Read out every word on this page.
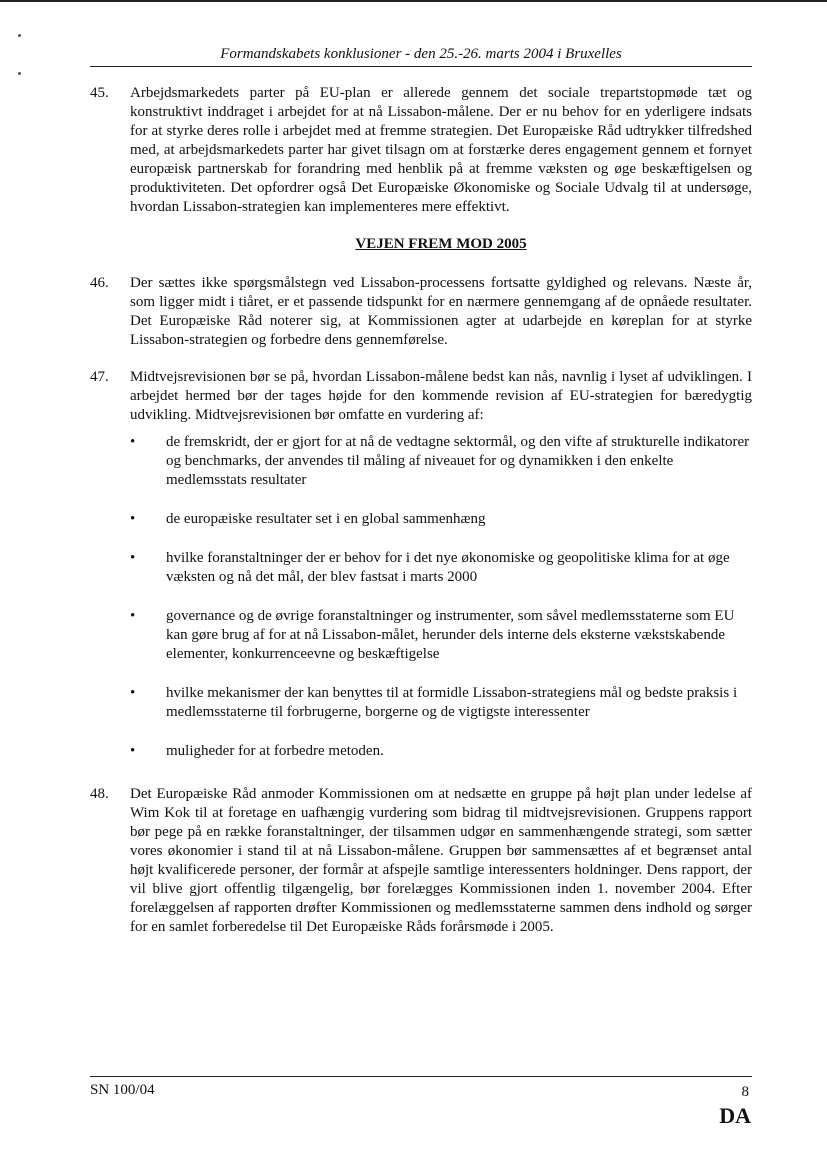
Formandskabets konklusioner - den 25.-26. marts 2004 i Bruxelles
45.	Arbejdsmarkedets parter på EU-plan er allerede gennem det sociale trepartstopmøde tæt og konstruktivt inddraget i arbejdet for at nå Lissabon-målene. Der er nu behov for en yderligere indsats for at styrke deres rolle i arbejdet med at fremme strategien. Det Europæiske Råd udtrykker tilfredshed med, at arbejdsmarkedets parter har givet tilsagn om at forstærke deres engagement gennem et fornyet europæisk partnerskab for forandring med henblik på at fremme væksten og øge beskæftigelsen og produktiviteten. Det opfordrer også Det Europæiske Økonomiske og Sociale Udvalg til at undersøge, hvordan Lissabon-strategien kan implementeres mere effektivt.
VEJEN FREM MOD 2005
46.	Der sættes ikke spørgsmålstegn ved Lissabon-processens fortsatte gyldighed og relevans. Næste år, som ligger midt i tiåret, er et passende tidspunkt for en nærmere gennemgang af de opnåede resultater. Det Europæiske Råd noterer sig, at Kommissionen agter at udarbejde en køreplan for at styrke Lissabon-strategien og forbedre dens gennemførelse.
47.	Midtvejsrevisionen bør se på, hvordan Lissabon-målene bedst kan nås, navnlig i lyset af udviklingen. I arbejdet hermed bør der tages højde for den kommende revision af EU-strategien for bæredygtig udvikling. Midtvejsrevisionen bør omfatte en vurdering af:
•	de fremskridt, der er gjort for at nå de vedtagne sektormål, og den vifte af strukturelle indikatorer og benchmarks, der anvendes til måling af niveauet for og dynamikken i den enkelte medlemsstats resultater
•	de europæiske resultater set i en global sammenhæng
•	hvilke foranstaltninger der er behov for i det nye økonomiske og geopolitiske klima for at øge væksten og nå det mål, der blev fastsat i marts 2000
•	governance og de øvrige foranstaltninger og instrumenter, som såvel medlemsstaterne som EU kan gøre brug af for at nå Lissabon-målet, herunder dels interne dels eksterne vækstskabende elementer, konkurrenceevne og beskæftigelse
•	hvilke mekanismer der kan benyttes til at formidle Lissabon-strategiens mål og bedste praksis i medlemsstaterne til forbrugerne, borgerne og de vigtigste interessenter
•	muligheder for at forbedre metoden.
48.	Det Europæiske Råd anmoder Kommissionen om at nedsætte en gruppe på højt plan under ledelse af Wim Kok til at foretage en uafhængig vurdering som bidrag til midtvejsrevisionen. Gruppens rapport bør pege på en række foranstaltninger, der tilsammen udgør en sammenhængende strategi, som sætter vores økonomier i stand til at nå Lissabon-målene. Gruppen bør sammensættes af et begrænset antal højt kvalificerede personer, der formår at afspejle samtlige interessenters holdninger. Dens rapport, der vil blive gjort offentlig tilgængelig, bør forelægges Kommissionen inden 1. november 2004. Efter forelæggelsen af rapporten drøfter Kommissionen og medlemsstaterne sammen dens indhold og sørger for en samlet forberedelse til Det Europæiske Råds forårsmøde i 2005.
SN 100/04	8
DA
